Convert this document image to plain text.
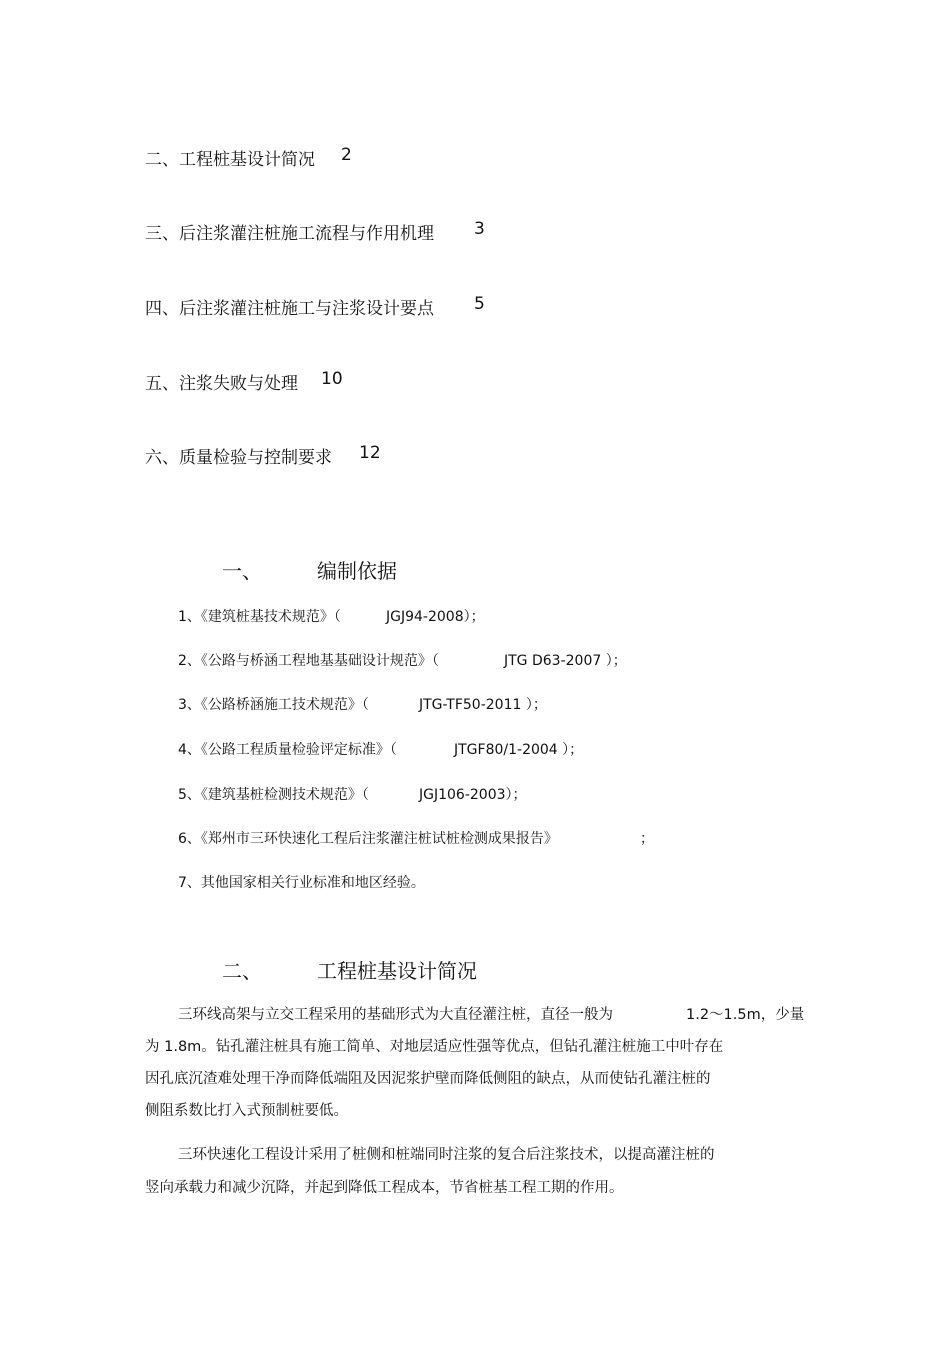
二、工程桩基设计简况 2
三、后注浆灌注桩施工流程与作用机理 3
四、后注浆灌注桩施工与注浆设计要点 5
五、注浆失败与处理 10
六、质量检验与控制要求 12
一、	编制依据
1、《建筑桩基技术规范》（	JGJ94-2008）；
2、《公路与桥涵工程地基基础设计规范》（	JTG D63-2007 ）；
3、《公路桥涵施工技术规范》（	JTG-TF50-2011 ）；
4、《公路工程质量检验评定标准》（	JTGF80/1-2004 ）；
5、《建筑基桩检测技术规范》（	JGJ106-2003）；
6、《郑州市三环快速化工程后注浆灌注桩试桩检测成果报告》	；
7、其他国家相关行业标准和地区经验。
二、	工程桩基设计简况
三环线高架与立交工程采用的基础形式为大直径灌注桩，直径一般为	1.2～1.5m，少量
为 1.8m。钻孔灌注桩具有施工简单、对地层适应性强等优点，但钻孔灌注桩施工中叶存在
因孔底沉渣难处理干净而降低端阻及因泥浆护壁而降低侧阻的缺点，从而使钻孔灌注桩的
侧阻系数比打入式预制桩要低。
三环快速化工程设计采用了桩侧和桩端同时注浆的复合后注浆技术，以提高灌注桩的
竖向承载力和减少沉降，并起到降低工程成本，节省桩基工程工期的作用。
